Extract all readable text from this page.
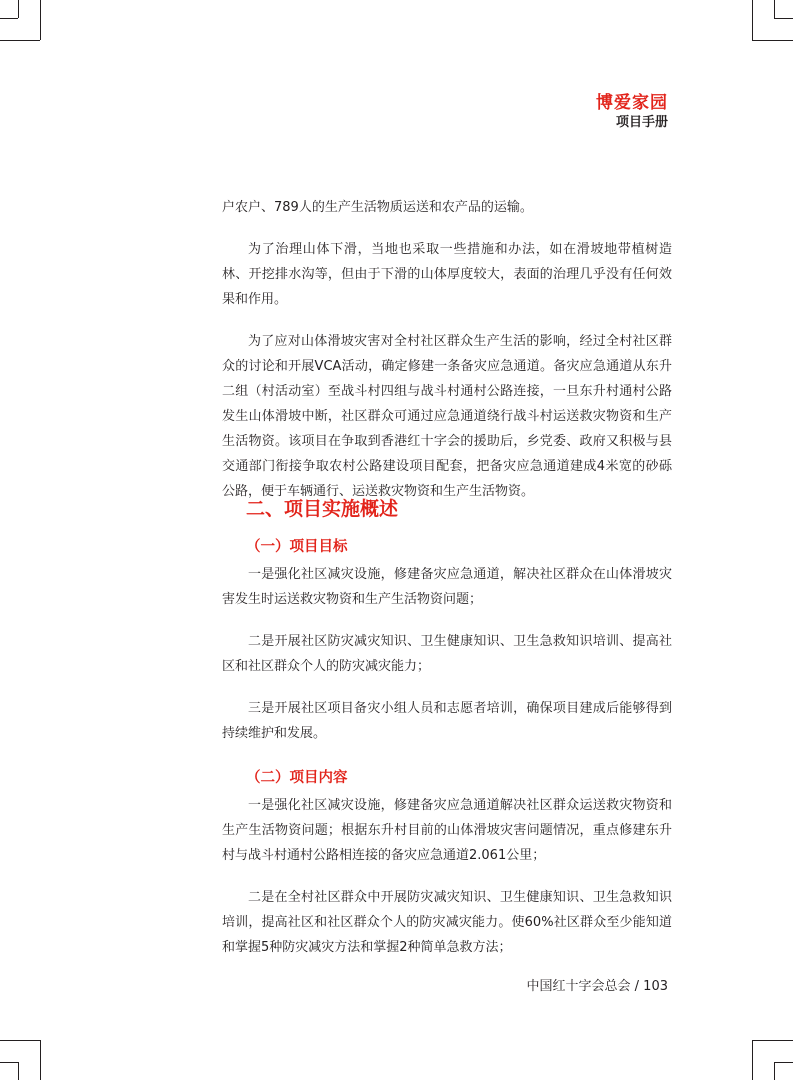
博爱家园
项目手册

户农户、789人的生产生活物质运送和农产品的运输。

为了治理山体下滑，当地也采取一些措施和办法，如在滑坡地带植树造林、开挖排水沟等，但由于下滑的山体厚度较大，表面的治理几乎没有任何效果和作用。

为了应对山体滑坡灾害对全村社区群众生产生活的影响，经过全村社区群众的讨论和开展VCA活动，确定修建一条备灾应急通道。备灾应急通道从东升二组（村活动室）至战斗村四组与战斗村通村公路连接，一旦东升村通村公路发生山体滑坡中断，社区群众可通过应急通道绕行战斗村运送救灾物资和生产生活物资。该项目在争取到香港红十字会的援助后，乡党委、政府又积极与县交通部门衔接争取农村公路建设项目配套，把备灾应急通道建成4米宽的砂砾公路，便于车辆通行、运送救灾物资和生产生活物资。

二、项目实施概述
（一）项目目标

一是强化社区减灾设施，修建备灾应急通道，解决社区群众在山体滑坡灾害发生时运送救灾物资和生产生活物资问题；

二是开展社区防灾减灾知识、卫生健康知识、卫生急救知识培训、提高社区和社区群众个人的防灾减灾能力；

三是开展社区项目备灾小组人员和志愿者培训，确保项目建成后能够得到持续维护和发展。

（二）项目内容

一是强化社区减灾设施，修建备灾应急通道解决社区群众运送救灾物资和生产生活物资问题；根据东升村目前的山体滑坡灾害问题情况，重点修建东升村与战斗村通村公路相连接的备灾应急通道2.061公里；

二是在全村社区群众中开展防灾减灾知识、卫生健康知识、卫生急救知识培训，提高社区和社区群众个人的防灾减灾能力。使60%社区群众至少能知道和掌握5种防灾减灾方法和掌握2种简单急救方法；

中国红十字会总会 / 103
